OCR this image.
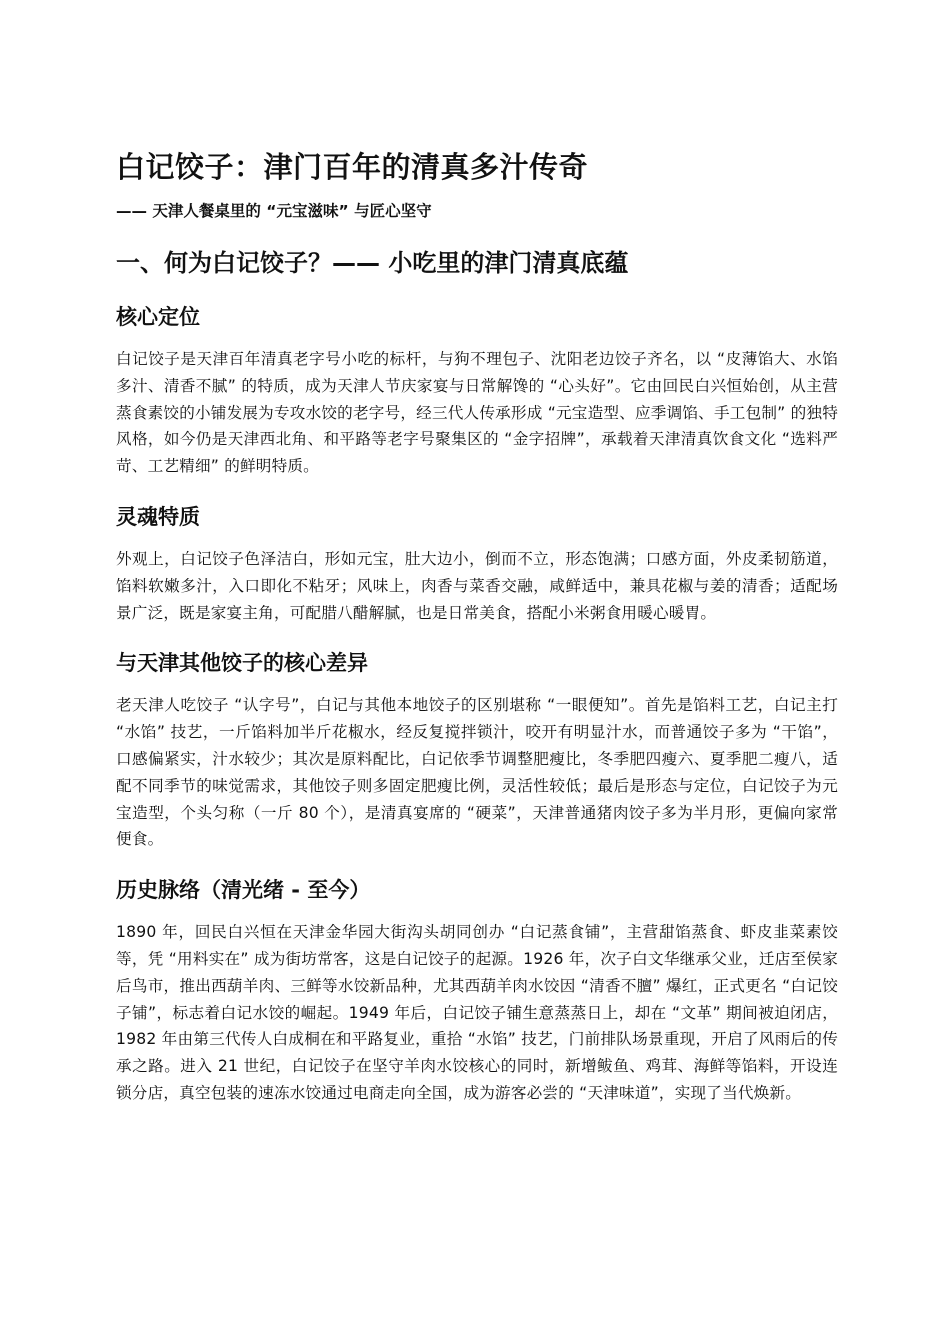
白记饺子：津门百年的清真多汁传奇
—— 天津人餐桌里的 “元宝滋味” 与匠心坚守
一、何为白记饺子？—— 小吃里的津门清真底蕴
核心定位

白记饺子是天津百年清真老字号小吃的标杆，与狗不理包子、沈阳老边饺子齐名，以 “皮薄馅大、水馅多汁、清香不腻” 的特质，成为天津人节庆家宴与日常解馋的 “心头好”。它由回民白兴恒始创，从主营蒸食素饺的小铺发展为专攻水饺的老字号，经三代人传承形成 “元宝造型、应季调馅、手工包制” 的独特风格，如今仍是天津西北角、和平路等老字号聚集区的 “金字招牌”，承载着天津清真饮食文化 “选料严苛、工艺精细” 的鲜明特质。

灵魂特质

外观上，白记饺子色泽洁白，形如元宝，肚大边小，倒而不立，形态饱满；口感方面，外皮柔韧筋道，馅料软嫩多汁，入口即化不粘牙；风味上，肉香与菜香交融，咸鲜适中，兼具花椒与姜的清香；适配场景广泛，既是家宴主角，可配腊八醋解腻，也是日常美食，搭配小米粥食用暖心暖胃。

与天津其他饺子的核心差异

老天津人吃饺子 “认字号”，白记与其他本地饺子的区别堪称 “一眼便知”。首先是馅料工艺，白记主打 “水馅” 技艺，一斤馅料加半斤花椒水，经反复搅拌锁汁，咬开有明显汁水，而普通饺子多为 “干馅”，口感偏紧实，汁水较少；其次是原料配比，白记依季节调整肥瘦比，冬季肥四瘦六、夏季肥二瘦八，适配不同季节的味觉需求，其他饺子则多固定肥瘦比例，灵活性较低；最后是形态与定位，白记饺子为元宝造型，个头匀称（一斤 80 个），是清真宴席的 “硬菜”，天津普通猪肉饺子多为半月形，更偏向家常便食。

历史脉络（清光绪 - 至今）

1890 年，回民白兴恒在天津金华园大街沟头胡同创办 “白记蒸食铺”，主营甜馅蒸食、虾皮韭菜素饺等，凭 “用料实在” 成为街坊常客，这是白记饺子的起源。1926 年，次子白文华继承父业，迁店至侯家后鸟市，推出西葫羊肉、三鲜等水饺新品种，尤其西葫羊肉水饺因 “清香不膻” 爆红，正式更名 “白记饺子铺”，标志着白记水饺的崛起。1949 年后，白记饺子铺生意蒸蒸日上，却在 “文革” 期间被迫闭店，1982 年由第三代传人白成桐在和平路复业，重拾 “水馅” 技艺，门前排队场景重现，开启了风雨后的传承之路。进入 21 世纪，白记饺子在坚守羊肉水饺核心的同时，新增鲅鱼、鸡茸、海鲜等馅料，开设连锁分店，真空包装的速冻水饺通过电商走向全国，成为游客必尝的 “天津味道”，实现了当代焕新。
